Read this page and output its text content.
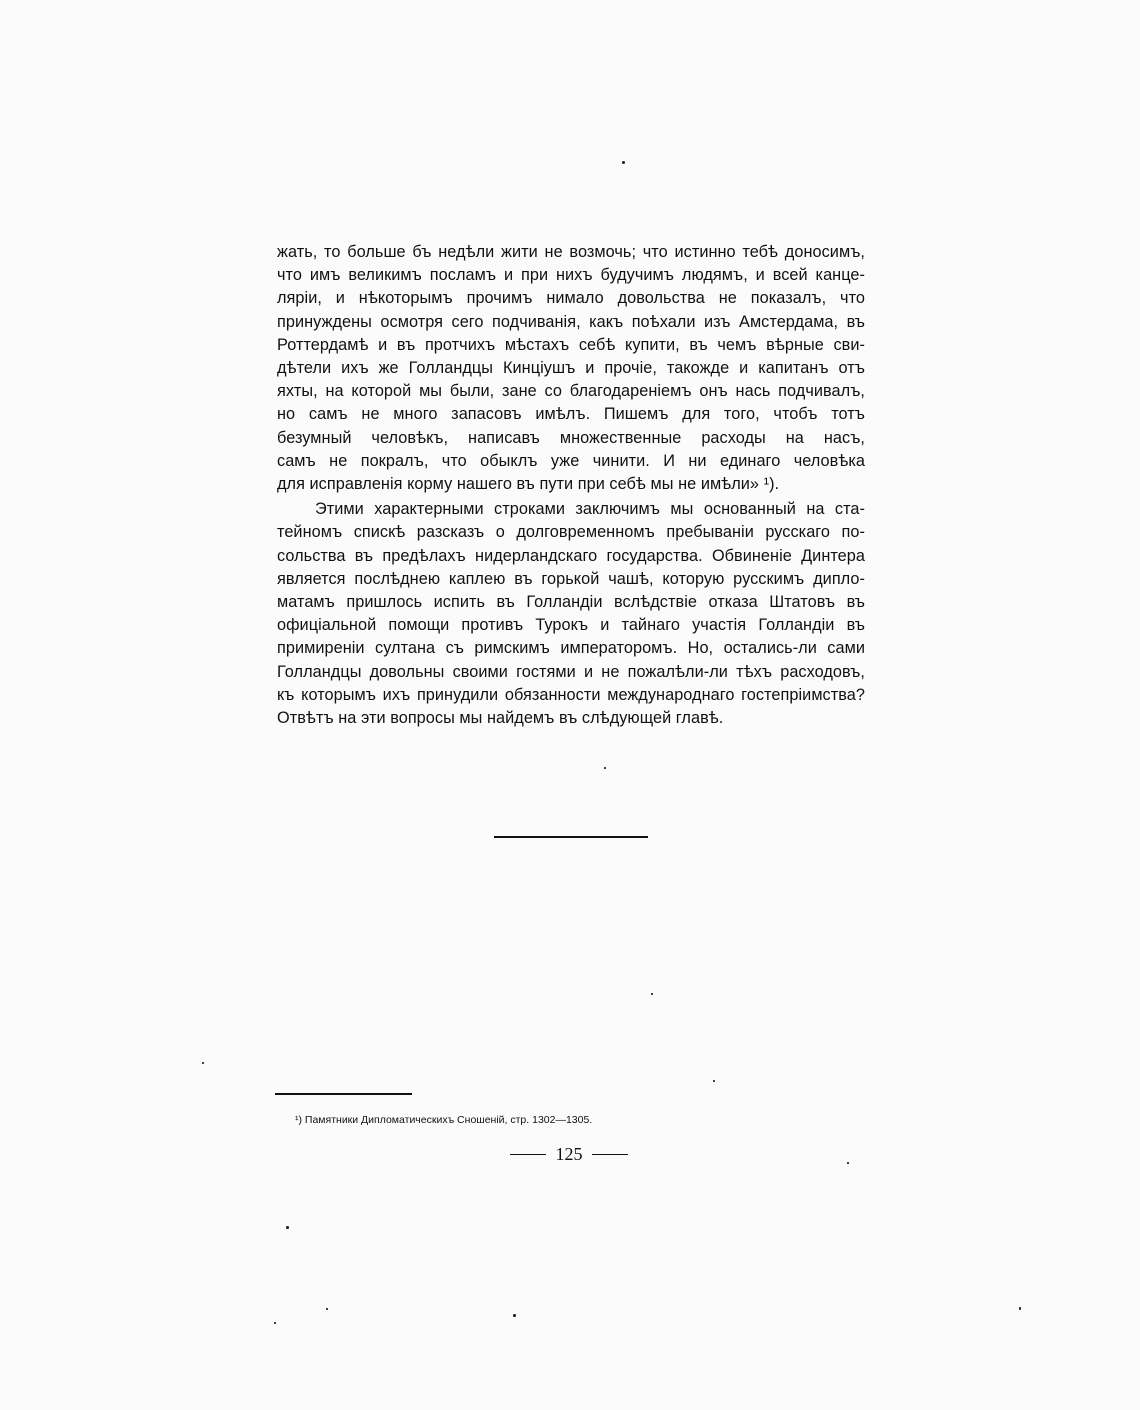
жать, то больше бъ недѣли жити не возмочь; что истинно тебѣ доносимъ,
что имъ великимъ посламъ и при нихъ будучимъ людямъ, и всей канце-
ляріи, и нѣкоторымъ прочимъ нимало довольства не показалъ, что
принуждены осмотря сего подчиванія, какъ поѣхали изъ Амстердама, въ
Роттердамѣ и въ протчихъ мѣстахъ себѣ купити, въ чемъ вѣрные сви-
дѣтели ихъ же Голландцы Кинціушъ и прочіе, такожде и капитанъ отъ
яхты, на которой мы были, зане со благодареніемъ онъ нась подчивалъ,
но самъ не много запасовъ имѣлъ. Пишемъ для того, чтобъ тотъ
безумный человѣкъ, написавъ множественные расходы на насъ,
самъ не покралъ, что обыклъ уже чинити. И ни единаго человѣка
для исправленія корму нашего въ пути при себѣ мы не имѣли» ¹).
Этими характерными строками заключимъ мы основанный на ста-
тейномъ спискѣ разсказъ о долговременномъ пребываніи русскаго по-
сольства въ предѣлахъ нидерландскаго государства. Обвиненіе Динтера
является послѣднею каплею въ горькой чашѣ, которую русскимъ дипло-
матамъ пришлось испить въ Голландіи вслѣдствіе отказа Штатовъ въ
офиціальной помощи противъ Турокъ и тайнаго участія Голландіи въ
примиреніи султана съ римскимъ императоромъ. Но, остались-ли сами
Голландцы довольны своими гостями и не пожалѣли-ли тѣхъ расходовъ,
къ которымъ ихъ принудили обязанности международнаго гостепріимства?
Отвѣтъ на эти вопросы мы найдемъ въ слѣдующей главѣ.
¹) Памятники Дипломатическихъ Сношеній, стр. 1302—1305.
125
